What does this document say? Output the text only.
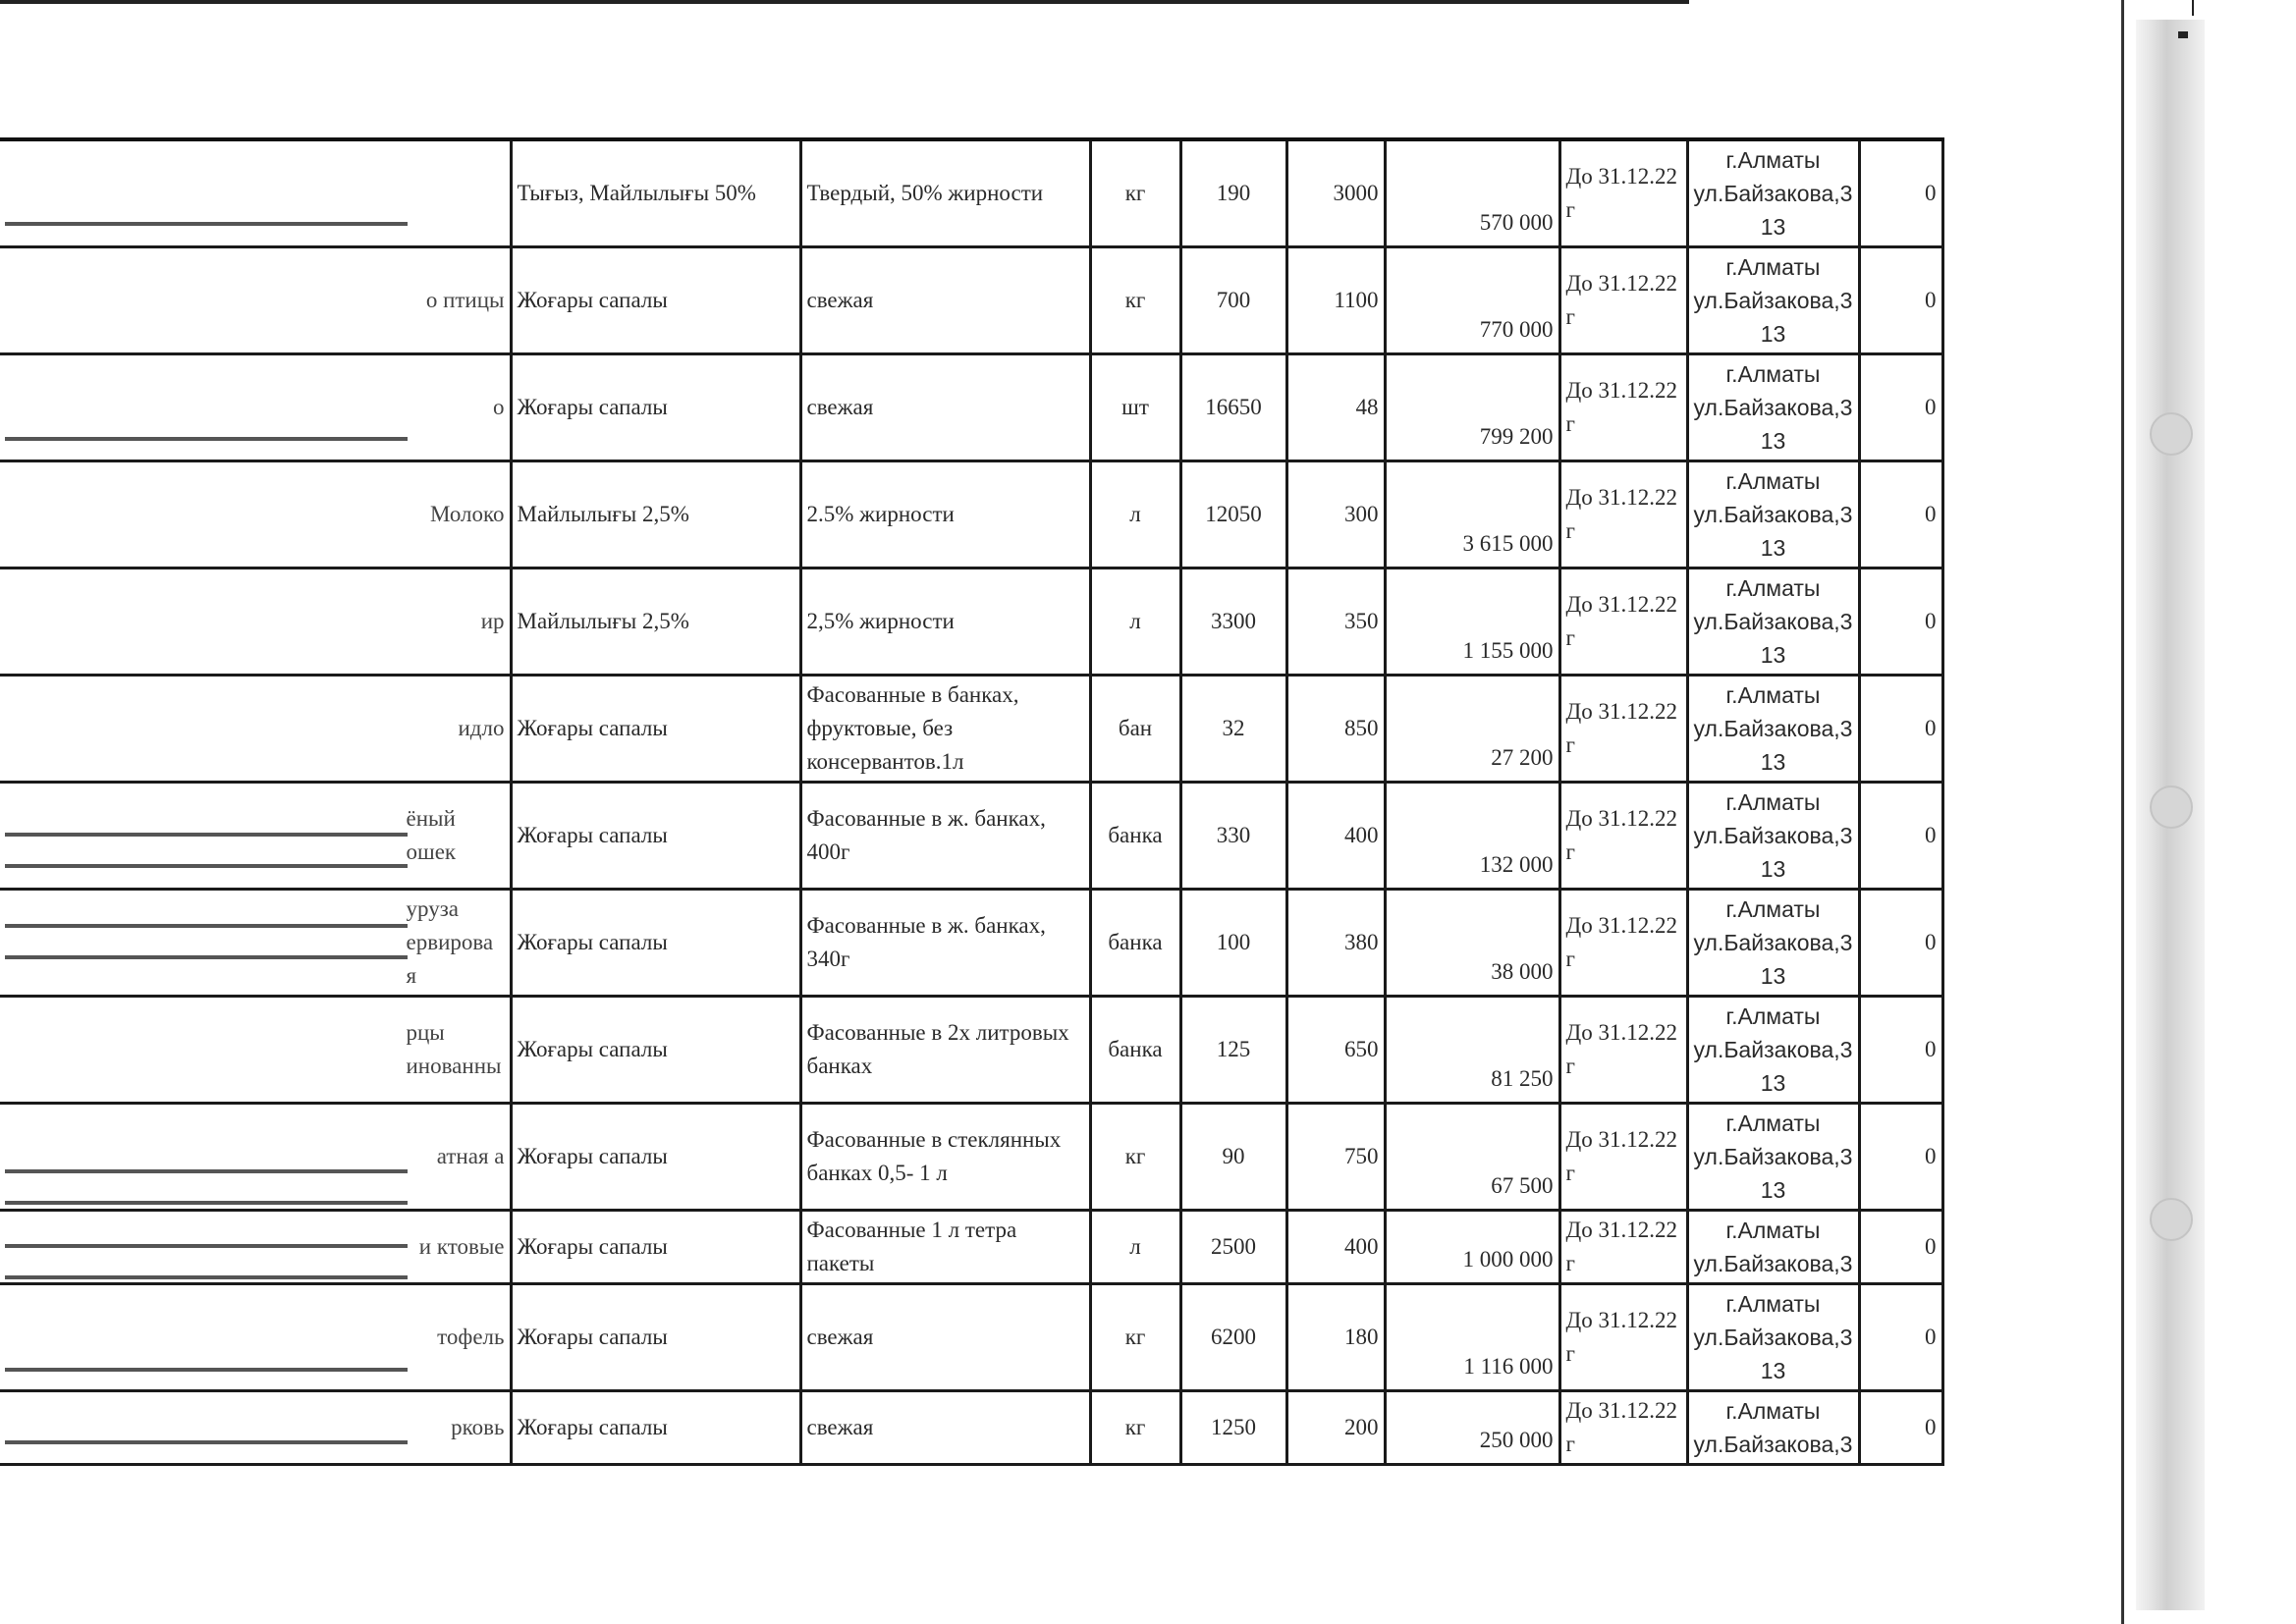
	Тығыз, Майлылығы 50%	Твердый, 50% жирности	кг	190	3000	570 000	До 31.12.22 г	г.Алматы ул.Байзакова,3 13	0

о птицы	Жоғары сапалы	свежая	кг	700	1100	770 000	До 31.12.22 г	г.Алматы ул.Байзакова,3 13	0

о	Жоғары сапалы	свежая	шт	16650	48	799 200	До 31.12.22 г	г.Алматы ул.Байзакова,3 13	0

Молоко	Майлылығы 2,5%	2.5% жирности	л	12050	300	3 615 000	До 31.12.22 г	г.Алматы ул.Байзакова,3 13	0

ир	Майлылығы 2,5%	2,5% жирности	л	3300	350	1 155 000	До 31.12.22 г	г.Алматы ул.Байзакова,3 13	0

идло	Жоғары сапалы	Фасованные в банках, фруктовые, без консервантов.1л	бан	32	850	27 200	До 31.12.22 г	г.Алматы ул.Байзакова,3 13	0

ёный ошек	Жоғары сапалы	Фасованные в ж. банках, 400г	банка	330	400	132 000	До 31.12.22 г	г.Алматы ул.Байзакова,3 13	0

уруза ервирова я	Жоғары сапалы	Фасованные в ж. банках, 340г	банка	100	380	38 000	До 31.12.22 г	г.Алматы ул.Байзакова,3 13	0

рцы инованны	Жоғары сапалы	Фасованные в 2х литровых банках	банка	125	650	81 250	До 31.12.22 г	г.Алматы ул.Байзакова,3 13	0

атная а	Жоғары сапалы	Фасованные в стеклянных банках 0,5- 1 л	кг	90	750	67 500	До 31.12.22 г	г.Алматы ул.Байзакова,3 13	0

и ктовые	Жоғары сапалы	Фасованные 1 л тетра пакеты	л	2500	400	1 000 000	До 31.12.22 г	г.Алматы ул.Байзакова,3	0

тофель	Жоғары сапалы	свежая	кг	6200	180	1 116 000	До 31.12.22 г	г.Алматы ул.Байзакова,3 13	0

рковь	Жоғары сапалы	свежая	кг	1250	200	250 000	До 31.12.22 г	г.Алматы ул.Байзакова,3	0
